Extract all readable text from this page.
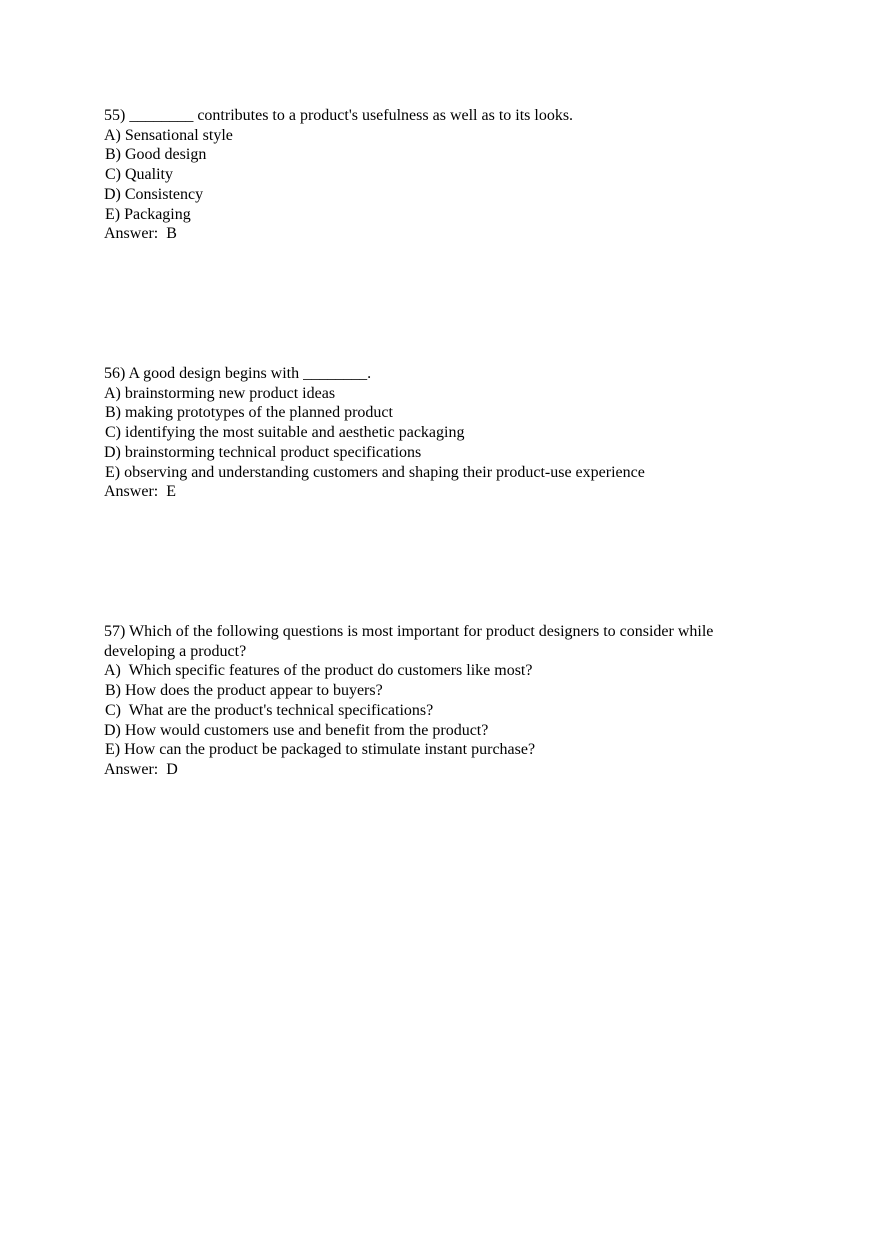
55) ________ contributes to a product's usefulness as well as to its looks.
A) Sensational style
B) Good design
C) Quality
D) Consistency
E) Packaging
Answer:  B
56) A good design begins with ________.
A) brainstorming new product ideas
B) making prototypes of the planned product
C) identifying the most suitable and aesthetic packaging
D) brainstorming technical product specifications
E) observing and understanding customers and shaping their product-use experience
Answer:  E
57) Which of the following questions is most important for product designers to consider while developing a product?
A)  Which specific features of the product do customers like most?
B) How does the product appear to buyers?
C)  What are the product's technical specifications?
D) How would customers use and benefit from the product?
E) How can the product be packaged to stimulate instant purchase?
Answer:  D
